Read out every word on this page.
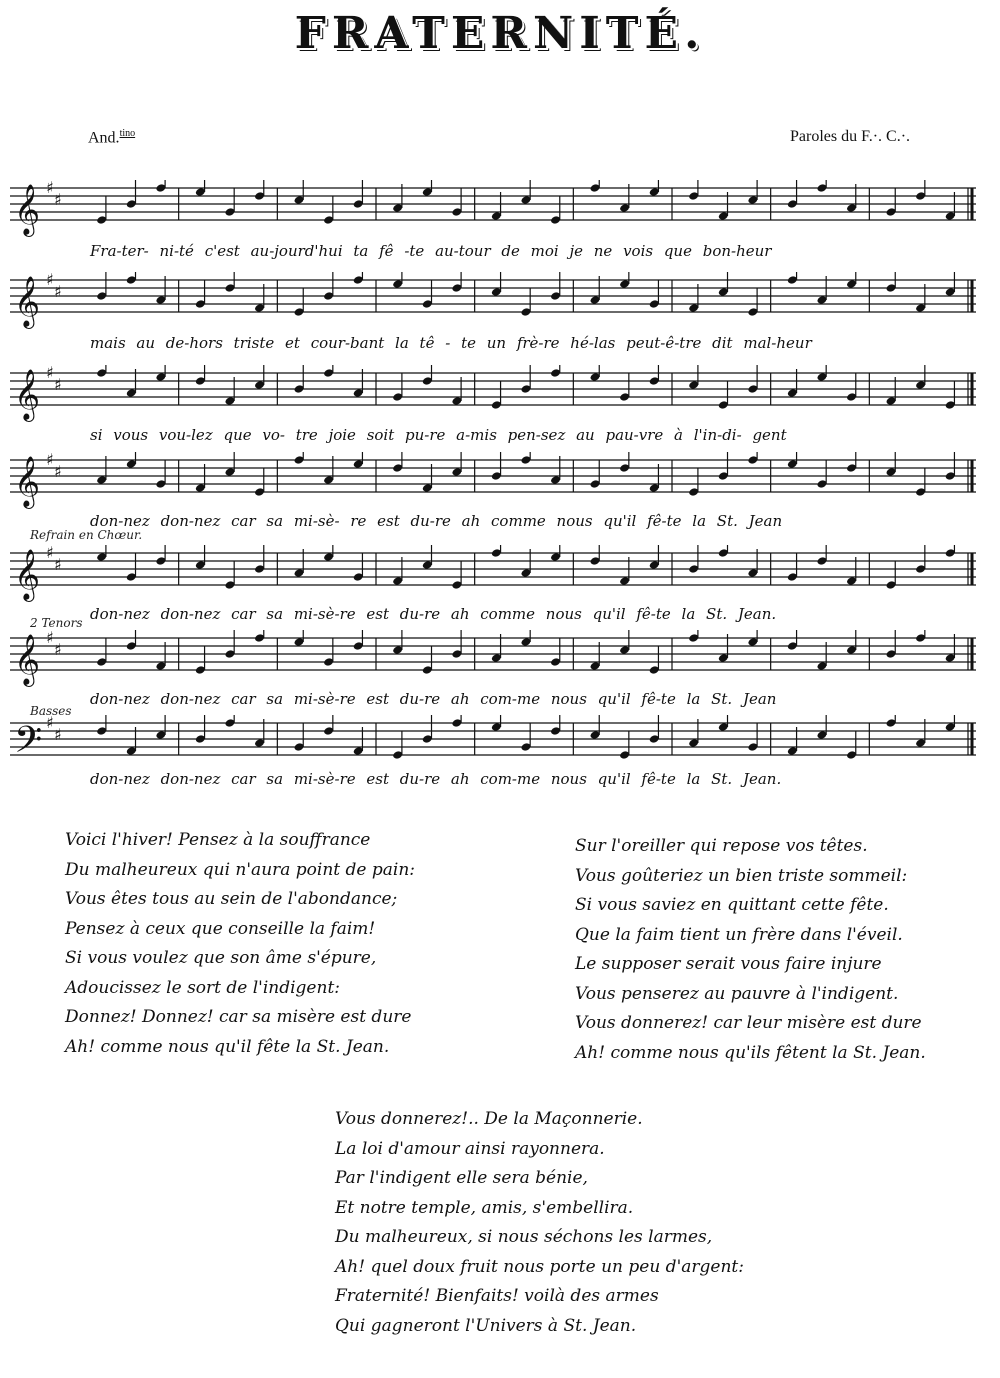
FRATERNITÉ.
And.$^{tino}$	Paroles du F.·. C.·.
𝄞 ♯
♯
𝄞 ♯
♯
𝄞 ♯
♯
𝄞 ♯
♯
𝄞 ♯
♯
𝄞 ♯
♯
𝄢 ♯
♯
Refrain en Chœur.
2 Tenors
Basses
Fra-ter- ni-té c'est au-jourd'hui ta fê -te au-tour de moi je ne vois que bon-heur
mais au de-hors triste et cour-bant la tê - te un frè-re hé-las peut-ê-tre dit mal-heur
si vous vou-lez que vo- tre joie soit pu-re a-mis pen-sez au pau-vre à l'in-di- gent
don-nez don-nez car sa mi-sè- re est du-re ah comme nous qu'il fê-te la St. Jean
don-nez don-nez car sa mi-sè-re est du-re ah comme nous qu'il fê-te la St. Jean.
don-nez don-nez car sa mi-sè-re est du-re ah com-me nous qu'il fê-te la St. Jean
don-nez don-nez car sa mi-sè-re est du-re ah com-me nous qu'il fê-te la St. Jean.
Voici l'hiver! Pensez à la souffrance
Du malheureux qui n'aura point de pain:
Vous êtes tous au sein de l'abondance;
Pensez à ceux que conseille la faim!
Si vous voulez que son âme s'épure,
Adoucissez le sort de l'indigent:
Donnez! Donnez! car sa misère est dure
Ah! comme nous qu'il fête la St. Jean.
Sur l'oreiller qui repose vos têtes.
Vous goûteriez un bien triste sommeil:
Si vous saviez en quittant cette fête.
Que la faim tient un frère dans l'éveil.
Le supposer serait vous faire injure
Vous penserez au pauvre à l'indigent.
Vous donnerez! car leur misère est dure
Ah! comme nous qu'ils fêtent la St. Jean.
Vous donnerez!.. De la Maçonnerie.
La loi d'amour ainsi rayonnera.
Par l'indigent elle sera bénie,
Et notre temple, amis, s'embellira.
Du malheureux, si nous séchons les larmes,
Ah! quel doux fruit nous porte un peu d'argent:
Fraternité! Bienfaits! voilà des armes
Qui gagneront l'Univers à St. Jean.
